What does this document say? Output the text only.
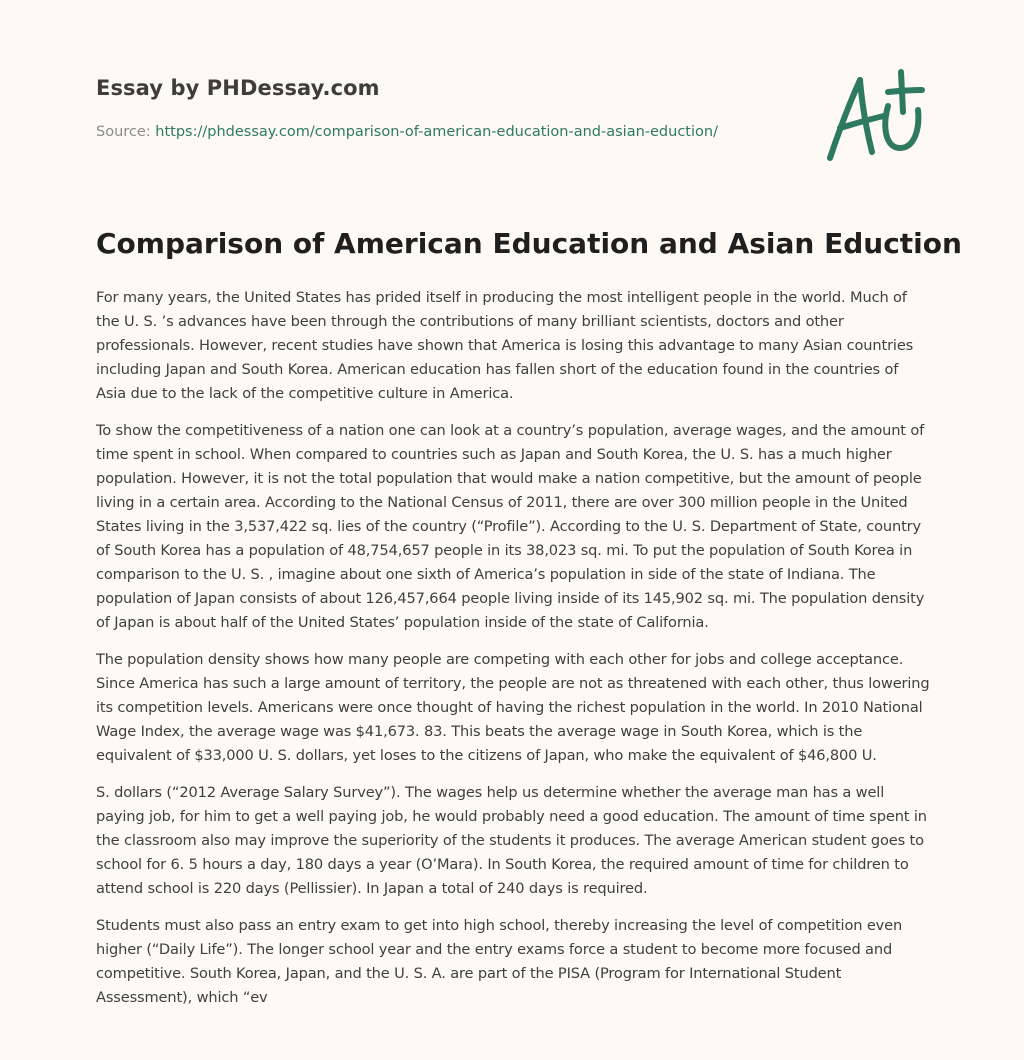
Essay by PHDessay.com
Source: https://phdessay.com/comparison-of-american-education-and-asian-eduction/
Comparison of American Education and Asian Eduction

For many years, the United States has prided itself in producing the most intelligent people in the world. Much of the U. S. ’s advances have been through the contributions of many brilliant scientists, doctors and other professionals. However, recent studies have shown that America is losing this advantage to many Asian countries including Japan and South Korea. American education has fallen short of the education found in the countries of Asia due to the lack of the competitive culture in America.

To show the competitiveness of a nation one can look at a country’s population, average wages, and the amount of time spent in school. When compared to countries such as Japan and South Korea, the U. S. has a much higher population. However, it is not the total population that would make a nation competitive, but the amount of people living in a certain area. According to the National Census of 2011, there are over 300 million people in the United States living in the 3,537,422 sq. lies of the country (“Profile”). According to the U. S. Department of State, country of South Korea has a population of 48,754,657 people in its 38,023 sq. mi. To put the population of South Korea in comparison to the U. S. , imagine about one sixth of America’s population in side of the state of Indiana. The population of Japan consists of about 126,457,664 people living inside of its 145,902 sq. mi. The population density of Japan is about half of the United States’ population inside of the state of California.

The population density shows how many people are competing with each other for jobs and college acceptance. Since America has such a large amount of territory, the people are not as threatened with each other, thus lowering its competition levels. Americans were once thought of having the richest population in the world. In 2010 National Wage Index, the average wage was $41,673. 83. This beats the average wage in South Korea, which is the equivalent of $33,000 U. S. dollars, yet loses to the citizens of Japan, who make the equivalent of $46,800 U.

S. dollars (“2012 Average Salary Survey”). The wages help us determine whether the average man has a well paying job, for him to get a well paying job, he would probably need a good education. The amount of time spent in the classroom also may improve the superiority of the students it produces. The average American student goes to school for 6. 5 hours a day, 180 days a year (O’Mara). In South Korea, the required amount of time for children to attend school is 220 days (Pellissier). In Japan a total of 240 days is required.

Students must also pass an entry exam to get into high school, thereby increasing the level of competition even higher (“Daily Life”). The longer school year and the entry exams force a student to become more focused and competitive. South Korea, Japan, and the U. S. A. are part of the PISA (Program for International Student Assessment), which “ev
